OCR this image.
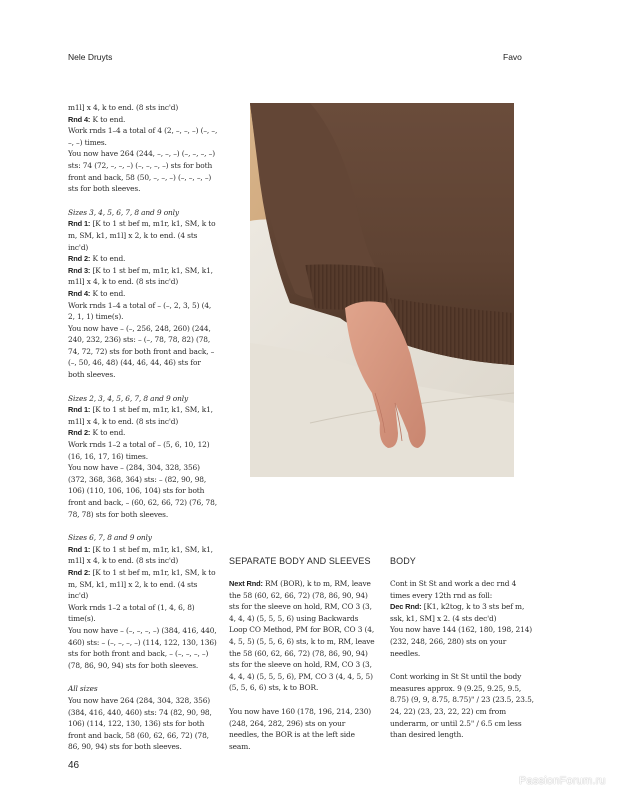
Nele Druyts	Favo

m1l] x 4, k to end. (8 sts inc'd)

Rnd 4: K to end.

Work rnds 1–4 a total of 4 (2, –, –, –) (–, –, –, –) times.

You now have 264 (244, –, –, –) (–, –, –, –) sts: 74 (72, –, –, –) (–, –, –, –) sts for both front and back, 58 (50, –, –, –) (–, –, –, –) sts for both sleeves.

Sizes 3, 4, 5, 6, 7, 8 and 9 only

Rnd 1: [K to 1 st bef m, m1r, k1, SM, k to m, SM, k1, m1l] x 2, k to end. (4 sts inc'd)

Rnd 2: K to end.

Rnd 3: [K to 1 st bef m, m1r, k1, SM, k1, m1l] x 4, k to end. (8 sts inc'd)

Rnd 4: K to end.

Work rnds 1–4 a total of – (–, 2, 3, 5) (4, 2, 1, 1) time(s).

You now have – (–, 256, 248, 260) (244, 240, 232, 236) sts: – (–, 78, 78, 82) (78, 74, 72, 72) sts for both front and back, – (–, 50, 46, 48) (44, 46, 44, 46) sts for both sleeves.

Sizes 2, 3, 4, 5, 6, 7, 8 and 9 only

Rnd 1: [K to 1 st bef m, m1r, k1, SM, k1, m1l] x 4, k to end. (8 sts inc'd)

Rnd 2: K to end.

Work rnds 1–2 a total of – (5, 6, 10, 12) (16, 16, 17, 16) times.

You now have – (284, 304, 328, 356) (372, 368, 368, 364) sts: – (82, 90, 98, 106) (110, 106, 106, 104) sts for both front and back, – (60, 62, 66, 72) (76, 78, 78, 78) sts for both sleeves.

Sizes 6, 7, 8 and 9 only

Rnd 1: [K to 1 st bef m, m1r, k1, SM, k1, m1l] x 4, k to end. (8 sts inc'd)

Rnd 2: [K to 1 st bef m, m1r, k1, SM, k to m, SM, k1, m1l] x 2, k to end. (4 sts inc'd)

Work rnds 1–2 a total of (1, 4, 6, 8) time(s).

You now have – (–, –, –, –) (384, 416, 440, 460) sts: – (–, –, –, –) (114, 122, 130, 136) sts for both front and back, – (–, –, –, –) (78, 86, 90, 94) sts for both sleeves.

All sizes

You now have 264 (284, 304, 328, 356) (384, 416, 440, 460) sts: 74 (82, 90, 98, 106) (114, 122, 130, 136) sts for both front and back, 58 (60, 62, 66, 72) (78, 86, 90, 94) sts for both sleeves.

SEPARATE BODY AND SLEEVES BODY

Next Rnd: RM (BOR), k to m, RM, leave the 58 (60, 62, 66, 72) (78, 86, 90, 94) sts for the sleeve on hold, RM, CO 3 (3, 4, 4, 4) (5, 5, 5, 6) using Backwards Loop CO Method, PM for BOR, CO 3 (4, 4, 5, 5) (5, 5, 6, 6) sts, k to m, RM, leave the 58 (60, 62, 66, 72) (78, 86, 90, 94) sts for the sleeve on hold, RM, CO 3 (3, 4, 4, 4) (5, 5, 5, 6), PM, CO 3 (4, 4, 5, 5) (5, 5, 6, 6) sts, k to BOR.

You now have 160 (178, 196, 214, 230) (248, 264, 282, 296) sts on your needles, the BOR is at the left side seam.

Cont in St St and work a dec rnd 4 times every 12th rnd as foll:

Dec Rnd: [K1, k2tog, k to 3 sts bef m, ssk, k1, SM] x 2. (4 sts dec'd)

You now have 144 (162, 180, 198, 214) (232, 248, 266, 280) sts on your needles.

Cont working in St St until the body measures approx. 9 (9.25, 9.25, 9.5, 8.75) (9, 9, 8.75, 8.75)" / 23 (23.5, 23.5, 24, 22) (23, 23, 22, 22) cm from underarm, or until 2.5" / 6.5 cm less than desired length.

46
PassionForum.ru
